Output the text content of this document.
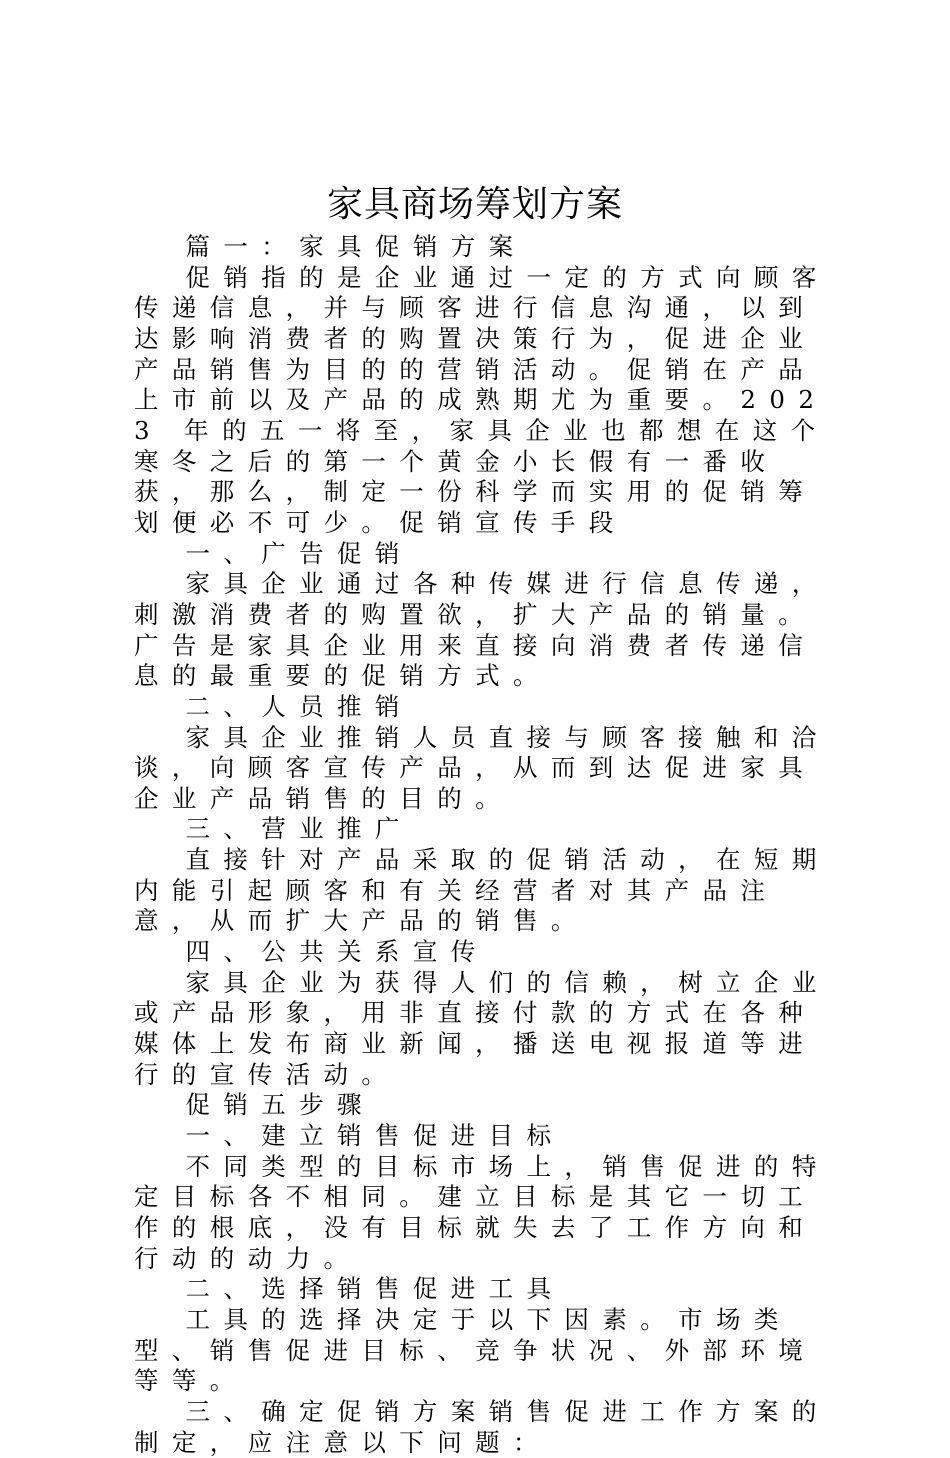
家具商场筹划方案

篇一：家具促销方案

促销指的是企业通过一定的方式向顾客传递信息，并与顾客进行信息沟通，以到达影响消费者的购置决策行为，促进企业产品销售为目的的营销活动。促销在产品上市前以及产品的成熟期尤为重要。2023 年的五一将至，家具企业也都想在这个寒冬之后的第一个黄金小长假有一番收获，那么，制定一份科学而实用的促销筹划便必不可少。促销宣传手段

一、广告促销

家具企业通过各种传媒进行信息传递，刺激消费者的购置欲，扩大产品的销量。广告是家具企业用来直接向消费者传递信息的最重要的促销方式。

二、人员推销

家具企业推销人员直接与顾客接触和洽谈，向顾客宣传产品，从而到达促进家具企业产品销售的目的。

三、营业推广

直接针对产品采取的促销活动，在短期内能引起顾客和有关经营者对其产品注意，从而扩大产品的销售。

四、公共关系宣传

家具企业为获得人们的信赖，树立企业或产品形象，用非直接付款的方式在各种媒体上发布商业新闻，播送电视报道等进行的宣传活动。

促销五步骤

一、建立销售促进目标

不同类型的目标市场上，销售促进的特定目标各不相同。建立目标是其它一切工作的根底，没有目标就失去了工作方向和行动的动力。

二、选择销售促进工具

工具的选择决定于以下因素。市场类型、销售促进目标、竞争状况、外部环境等等。

三、确定促销方案销售促进工作方案的制定，应注意以下问题：
